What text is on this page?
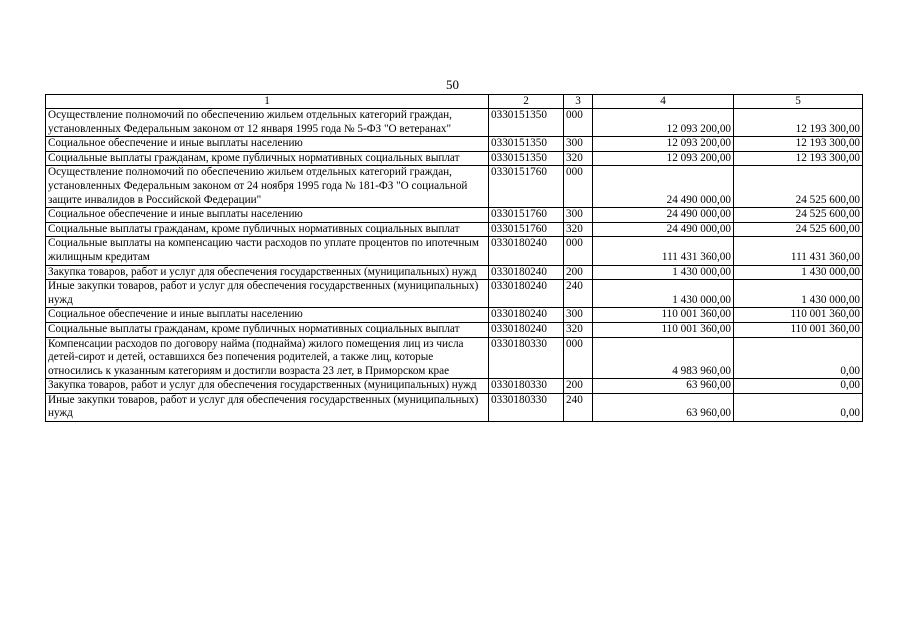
50
1	2	3	4	5
Осуществление полномочий по обеспечению жильем отдельных категорий граждан, установленных Федеральным законом от 12 января 1995 года № 5-ФЗ "О ветеранах"	0330151350	000	12 093 200,00	12 193 300,00
Социальное обеспечение и иные выплаты населению	0330151350	300	12 093 200,00	12 193 300,00
Социальные выплаты гражданам, кроме публичных нормативных социальных выплат	0330151350	320	12 093 200,00	12 193 300,00
Осуществление полномочий по обеспечению жильем отдельных категорий граждан, установленных Федеральным законом от 24 ноября 1995 года № 181-ФЗ "О социальной защите инвалидов в Российской Федерации"	0330151760	000	24 490 000,00	24 525 600,00
Социальное обеспечение и иные выплаты населению	0330151760	300	24 490 000,00	24 525 600,00
Социальные выплаты гражданам, кроме публичных нормативных социальных выплат	0330151760	320	24 490 000,00	24 525 600,00
Социальные выплаты на компенсацию части расходов по уплате процентов по ипотечным жилищным кредитам	0330180240	000	111 431 360,00	111 431 360,00
Закупка товаров, работ и услуг для обеспечения государственных (муниципальных) нужд	0330180240	200	1 430 000,00	1 430 000,00
Иные закупки товаров, работ и услуг для обеспечения государственных (муниципальных) нужд	0330180240	240	1 430 000,00	1 430 000,00
Социальное обеспечение и иные выплаты населению	0330180240	300	110 001 360,00	110 001 360,00
Социальные выплаты гражданам, кроме публичных нормативных социальных выплат	0330180240	320	110 001 360,00	110 001 360,00
Компенсации расходов по договору найма (поднайма) жилого помещения лиц из числа детей-сирот и детей, оставшихся без попечения родителей, а также лиц, которые относились к указанным категориям и достигли возраста 23 лет, в Приморском крае	0330180330	000	4 983 960,00	0,00
Закупка товаров, работ и услуг для обеспечения государственных (муниципальных) нужд	0330180330	200	63 960,00	0,00
Иные закупки товаров, работ и услуг для обеспечения государственных (муниципальных) нужд	0330180330	240	63 960,00	0,00
